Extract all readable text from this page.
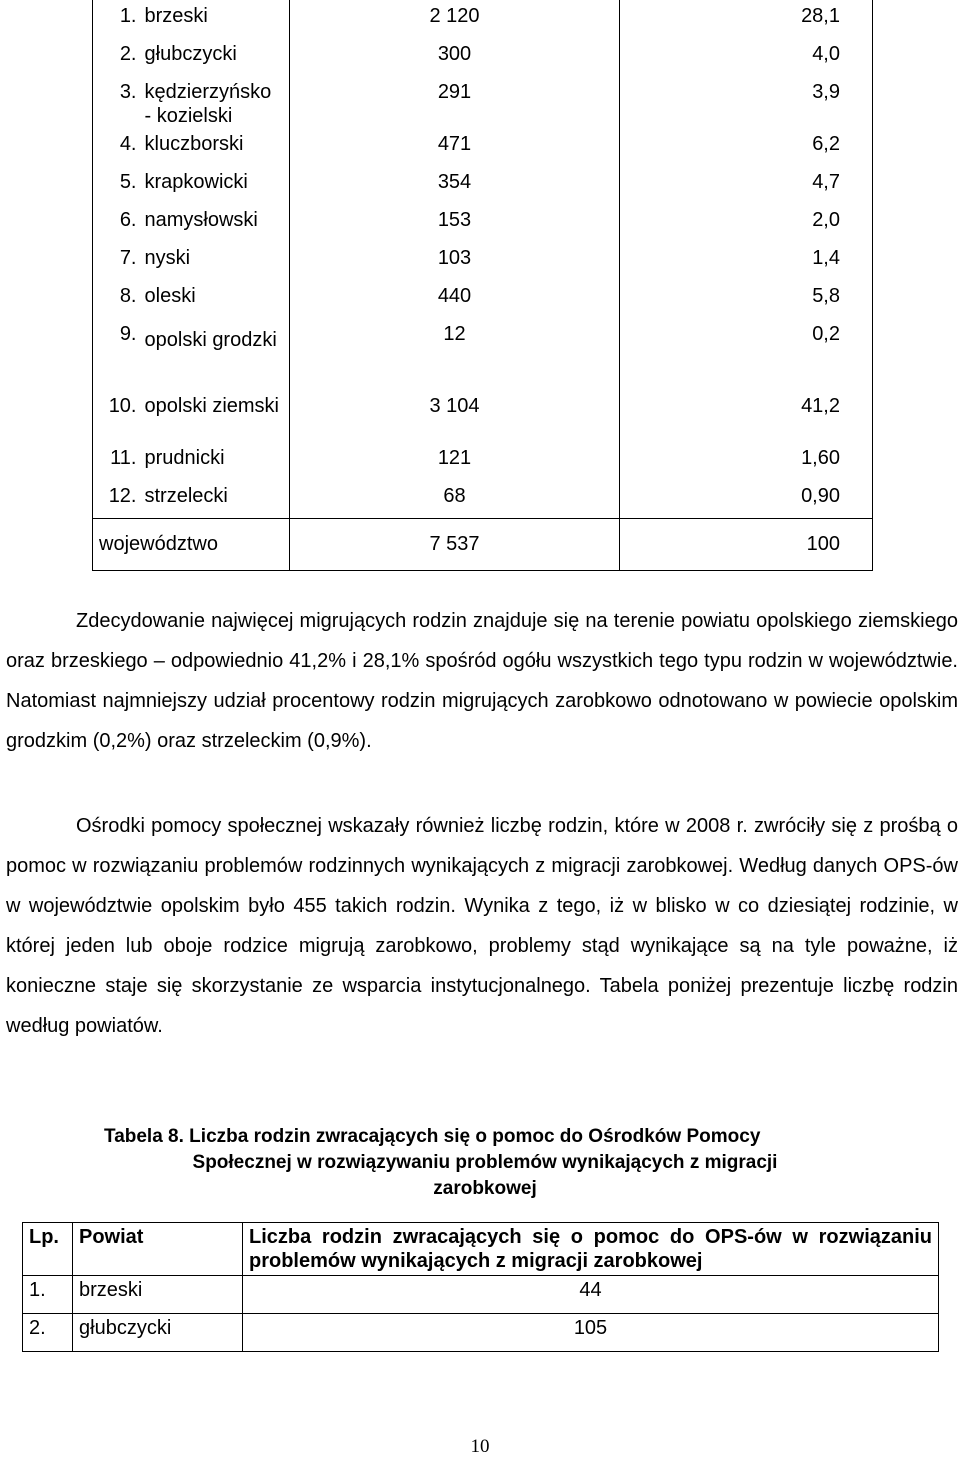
1.	brzeski	2 120	28,1
2.	głubczycki	300	4,0
3.	kędzierzyńsko - kozielski	291	3,9
4.	kluczborski	471	6,2
5.	krapkowicki	354	4,7
6.	namysłowski	153	2,0
7.	nyski	103	1,4
8.	oleski	440	5,8
9.	opolski grodzki	12	0,2
10.	opolski ziemski	3 104	41,2
11.	prudnicki	121	1,60
12.	strzelecki	68	0,90
województwo		7 537	100
Zdecydowanie najwięcej migrujących rodzin znajduje się na terenie powiatu opolskiego ziemskiego oraz brzeskiego – odpowiednio 41,2% i 28,1% spośród ogółu wszystkich tego typu rodzin w województwie. Natomiast najmniejszy udział procentowy rodzin migrujących zarobkowo odnotowano w powiecie opolskim grodzkim (0,2%) oraz strzeleckim (0,9%).
Ośrodki pomocy społecznej wskazały również liczbę rodzin, które w 2008 r. zwróciły się z prośbą o pomoc w rozwiązaniu problemów rodzinnych wynikających z migracji zarobkowej. Według danych OPS-ów w województwie opolskim było 455 takich rodzin. Wynika z tego, iż w blisko w co dziesiątej rodzinie, w której jeden lub oboje rodzice migrują zarobkowo, problemy stąd wynikające są na tyle poważne, iż konieczne staje się skorzystanie ze wsparcia instytucjonalnego. Tabela poniżej prezentuje liczbę rodzin według powiatów.
Tabela 8. Liczba rodzin zwracających się o pomoc do Ośrodków Pomocy
Społecznej w rozwiązywaniu problemów wynikających z migracji
zarobkowej
Lp.	Powiat	Liczba rodzin zwracających się o pomoc do OPS-ów w rozwiązaniu problemów wynikających z migracji zarobkowej
1.	brzeski	44
2.	głubczycki	105
10
